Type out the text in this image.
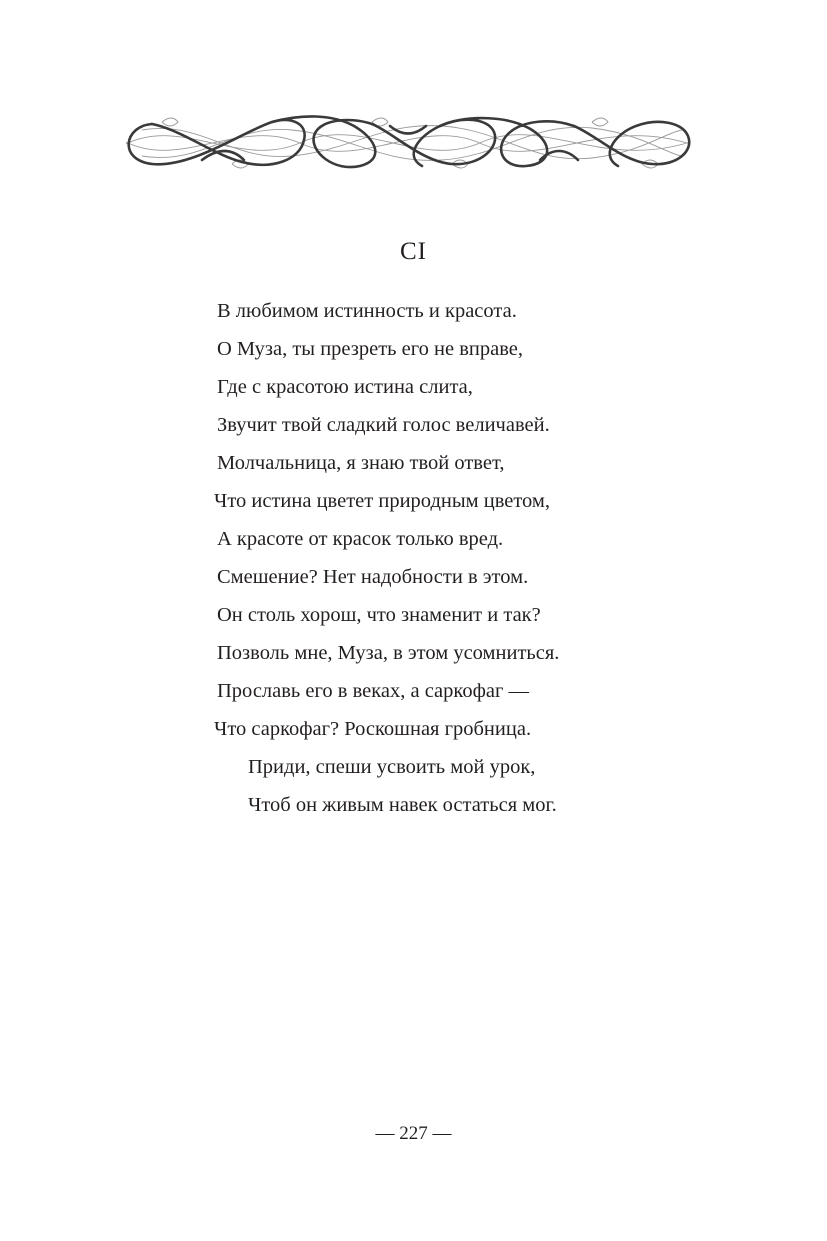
CI
В любимом истинность и красота.
О Муза, ты презреть его не вправе,
Где с красотою истина слита,
Звучит твой сладкий голос величавей.
Молчальница, я знаю твой ответ,
Что истина цветет природным цветом,
А красоте от красок только вред.
Смешение? Нет надобности в этом.
Он столь хорош, что знаменит и так?
Позволь мне, Муза, в этом усомниться.
Прославь его в веках, а саркофаг —
Что саркофаг? Роскошная гробница.
Приди, спеши усвоить мой урок,
Чтоб он живым навек остаться мог.
— 227 —
